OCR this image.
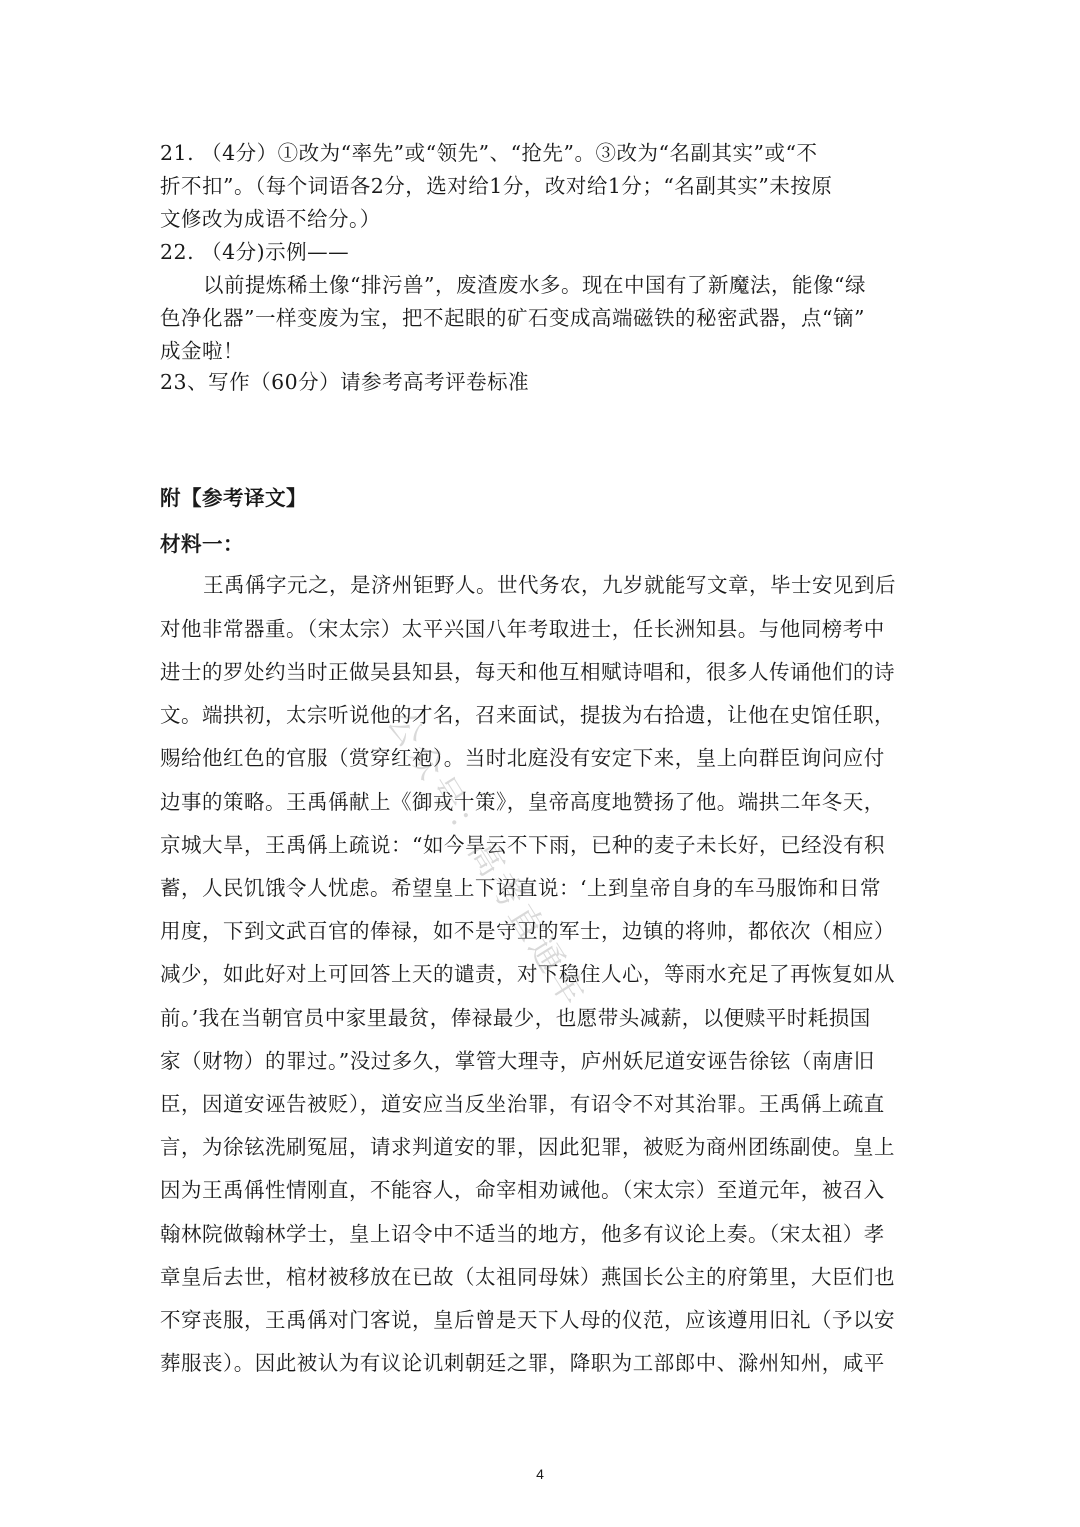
21. （4分）①改为“率先”或“领先”、“抢先”。③改为“名副其实”或“不
折不扣”。（每个词语各2分，选对给1分，改对给1分；“名副其实”未按原
文修改为成语不给分。）
22. （4分)示例——
以前提炼稀土像“排污兽”，废渣废水多。现在中国有了新魔法，能像“绿
色净化器”一样变废为宝，把不起眼的矿石变成高端磁铁的秘密武器，点“镝”
成金啦！
23、写作（60分）请参考高考评卷标准
附【参考译文】
材料一：
王禹偁字元之，是济州钜野人。世代务农，九岁就能写文章，毕士安见到后
对他非常器重。（宋太宗）太平兴国八年考取进士，任长洲知县。与他同榜考中
进士的罗处约当时正做吴县知县，每天和他互相赋诗唱和，很多人传诵他们的诗
文。端拱初，太宗听说他的才名，召来面试，提拔为右拾遗，让他在史馆任职，
赐给他红色的官服（赏穿红袍）。当时北庭没有安定下来，皇上向群臣询问应付
边事的策略。王禹偁献上《御戎十策》，皇帝高度地赞扬了他。端拱二年冬天，
京城大旱，王禹偁上疏说：“如今旱云不下雨，已种的麦子未长好，已经没有积
蓄，人民饥饿令人忧虑。希望皇上下诏直说：‘上到皇帝自身的车马服饰和日常
用度，下到文武百官的俸禄，如不是守卫的军士，边镇的将帅，都依次（相应）
减少，如此好对上可回答上天的谴责，对下稳住人心，等雨水充足了再恢复如从
前。’我在当朝官员中家里最贫，俸禄最少，也愿带头减薪，以便赎平时耗损国
家（财物）的罪过。”没过多久，掌管大理寺，庐州妖尼道安诬告徐铉（南唐旧
臣，因道安诬告被贬），道安应当反坐治罪，有诏令不对其治罪。王禹偁上疏直
言，为徐铉洗刷冤屈，请求判道安的罪，因此犯罪，被贬为商州团练副使。皇上
因为王禹偁性情刚直，不能容人，命宰相劝诫他。（宋太宗）至道元年，被召入
翰林院做翰林学士，皇上诏令中不适当的地方，他多有议论上奏。（宋太祖）孝
章皇后去世，棺材被移放在已故（太祖同母妹）燕国长公主的府第里，大臣们也
不穿丧服，王禹偁对门客说，皇后曾是天下人母的仪范，应该遵用旧礼（予以安
葬服丧）。因此被认为有议论讥刺朝廷之罪，降职为工部郎中、滁州知州，咸平
公众号：高考直通车
4
